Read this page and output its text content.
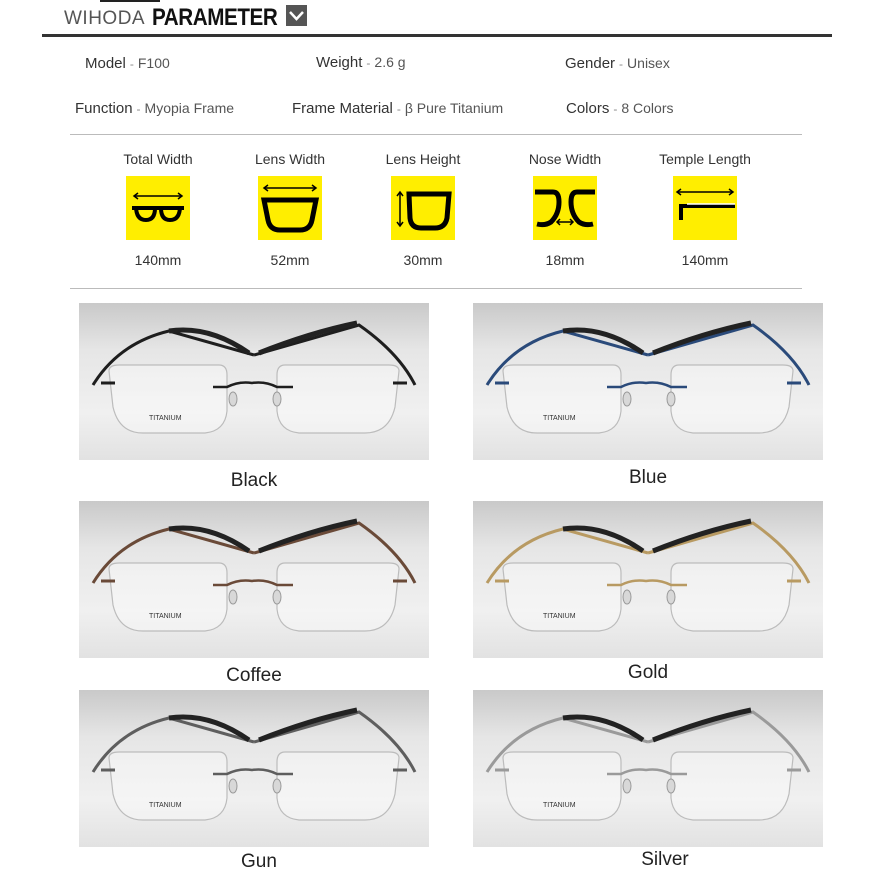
WIHODA PARAMETER
Model - F100	Weight - 2.6 g	Gender - Unisex
Function - Myopia Frame	Frame Material - β Pure Titanium	Colors - 8 Colors
Total Width
140mm
Lens Width
52mm
Lens Height
30mm
Nose Width
18mm
Temple Length
140mm
TITANIUM	TITANIUM
TITANIUM	TITANIUM
TITANIUM	TITANIUM
Black	Blue
Coffee	Gold
Gun	Silver
